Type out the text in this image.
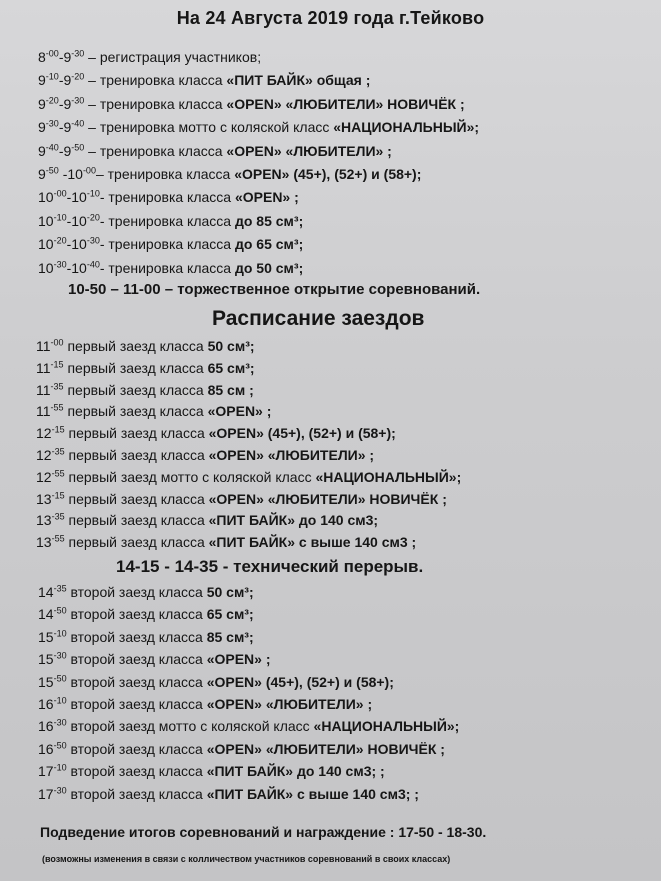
На 24 Августа 2019 года г.Тейково
$8^{-00}-9^{-30}$ – регистрация участников;
$9^{-10}-9^{-20}$ – тренировка класса «ПИТ БАЙК» общая ;
$9^{-20}-9^{-30}$ – тренировка класса «OPEN» «ЛЮБИТЕЛИ» НОВИЧЁК ;
$9^{-30}-9^{-40}$ – тренировка мотто с коляской класс «НАЦИОНАЛЬНЫЙ»;
$9^{-40}-9^{-50}$ – тренировка класса «OPEN» «ЛЮБИТЕЛИ» ;
$9^{-50}$ $-10^{-00}-$ тренировка класса «OPEN» (45+), (52+) и (58+);
$10^{-00}-10^{-10}-$ тренировка класса «OPEN» ;
$10^{-10}-10^{-20}-$ тренировка класса до 85 см³;
$10^{-20}-10^{-30}-$ тренировка класса до 65 см³;
$10^{-30}-10^{-40}-$ тренировка класса до 50 см³;
10-50 – 11-00 – торжественное открытие соревнований.
Расписание заездов
$11^{-00}$ первый заезд класса 50 см³;
$11^{-15}$ первый заезд класса 65 см³;
$11^{-35}$ первый заезд класса 85 см ;
$11^{-55}$ первый заезд класса «OPEN» ;
$12^{-15}$ первый заезд класса «OPEN» (45+), (52+) и (58+);
$12^{-35}$ первый заезд класса «OPEN» «ЛЮБИТЕЛИ» ;
$12^{-55}$ первый заезд мотто с коляской класс «НАЦИОНАЛЬНЫЙ»;
$13^{-15}$ первый заезд класса «OPEN» «ЛЮБИТЕЛИ» НОВИЧЁК ;
$13^{-35}$ первый заезд класса «ПИТ БАЙК» до 140 см3;
$13^{-55}$ первый заезд класса «ПИТ БАЙК» с выше 140 см3 ;
14-15 - 14-35 - технический перерыв.
$14^{-35}$ второй заезд класса 50 см³;
$14^{-50}$ второй заезд класса 65 см³;
$15^{-10}$ второй заезд класса 85 см³;
$15^{-30}$ второй заезд класса «OPEN» ;
$15^{-50}$ второй заезд класса «OPEN» (45+), (52+) и (58+);
$16^{-10}$ второй заезд класса «OPEN» «ЛЮБИТЕЛИ» ;
$16^{-30}$ второй заезд мотто с коляской класс «НАЦИОНАЛЬНЫЙ»;
$16^{-50}$ второй заезд класса «OPEN» «ЛЮБИТЕЛИ» НОВИЧЁК ;
$17^{-10}$ второй заезд класса «ПИТ БАЙК» до 140 см3; ;
$17^{-30}$ второй заезд класса «ПИТ БАЙК» с выше 140 см3; ;
Подведение итогов соревнований и награждение : 17-50 - 18-30.
(возможны изменения в связи с колличеством участников соревнований в своих классах)
